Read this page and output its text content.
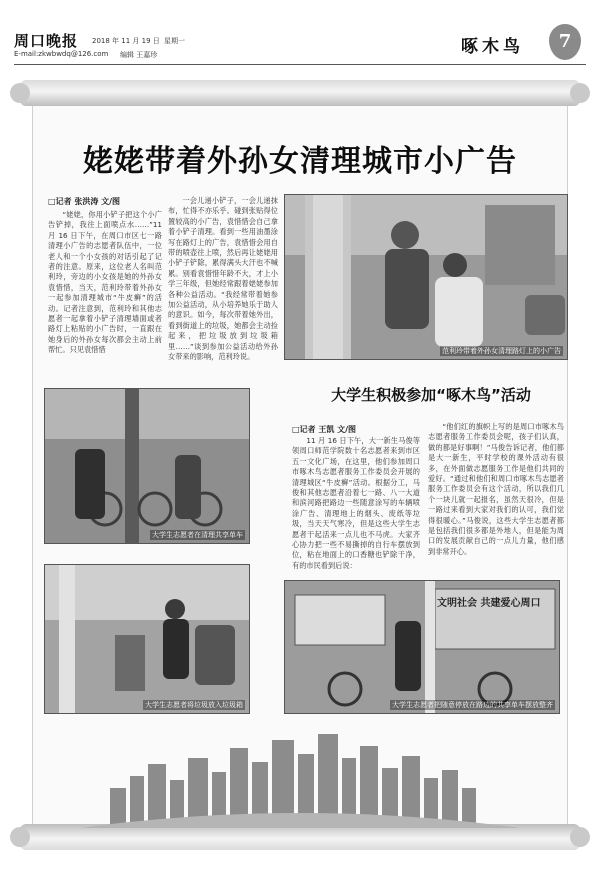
周口晚报 2018 年 11 月 19 日 星期一
E-mail:zkwbwdq@126.com 编辑 王嘉珍	啄木鸟	7
姥姥带着外孙女清理城市小广告
□记者 张洪涛 文/图

“姥姥，你用小铲子把这个小广告铲掉，我往上面喷点水……”11 月 16 日下午，在周口市区七一路清理小广告的志愿者队伍中，一位老人和一个小女孩的对话引起了记者的注意。原来，这位老人名叫范利玲，旁边的小女孩是她的外孙女袁惜惜，当天，范利玲带着外孙女一起参加清理城市“牛皮癣”的活动。记者注意到，范利玲和其他志愿者一起拿着小铲子清理墙面或者路灯上粘贴的小广告时，一直跟在她身后的外孙女每次都会主动上前帮忙。只见袁惜惜

一会儿递小铲子，一会儿递抹布，忙得不亦乐乎。碰到张贴得位置较高的小广告，袁惜惜会自己拿着小铲子清理。看到一些用油墨涂写在路灯上的广告，袁惜惜会用自带的喷壶往上喷，然后再让姥姥用小铲子铲除，累得满头大汗也不喊累。别看袁惜惜年龄不大，才上小学三年级，但她经常跟着姥姥参加各种公益活动。“我经常带着她参加公益活动，从小培养她乐于助人的意识。如今，每次带着她外出，看到街道上的垃圾，她都会主动捡起来，把垃圾放到垃圾箱里……”谈到参加公益活动给外孙女带来的影响，范利玲说。

范利玲带着外孙女清理路灯上的小广告
大学生积极参加“啄木鸟”活动
大学生志愿者在清理共享单车
□记者 王凯 文/图

11 月 16 日下午，大一新生马俊等领周口师范学院数十名志愿者来到市区五一文化广场，在这里，他们参加周口市啄木鸟志愿者服务工作委员会开展的清理城区“牛皮癣”活动。根据分工，马俊和其他志愿者沿着七一路、八一大道和滨河路把路边一些随意涂写的车辆喷涂广告、清理地上的烟头、废纸等垃圾，当天天气寒冷，但是这些大学生志愿者干起活来一点儿也不马虎。大家齐心协力把一些不易撕掉的自行车摆放到位，粘在地面上的口香糖也铲除干净，有的市民看到后说：

“他们红的旗帜上写的是周口市啄木鸟志愿者服务工作委员会呢，孩子们认真，做的都是好事啊！”马俊告诉记者，他们都是大一新生，平时学校的课外活动有很多，在外面做志愿服务工作是他们共同的爱好。“通过和他们和周口市啄木鸟志愿者服务工作委员会有这个活动，所以我们几个一块儿就一起报名，虽然天很冷，但是一路过来看到大家对我们的认可，我们觉得很暖心。”马俊说，这些大学生志愿者都是包括我们很多都是外地人，但是能为周口的发展贡献自己的一点儿力量，他们感到非常开心。

大学生志愿者将垃圾放入垃圾箱
文明社会 共建爱心周口
大学生志愿者把随意停放在路边的共享单车摆放整齐
